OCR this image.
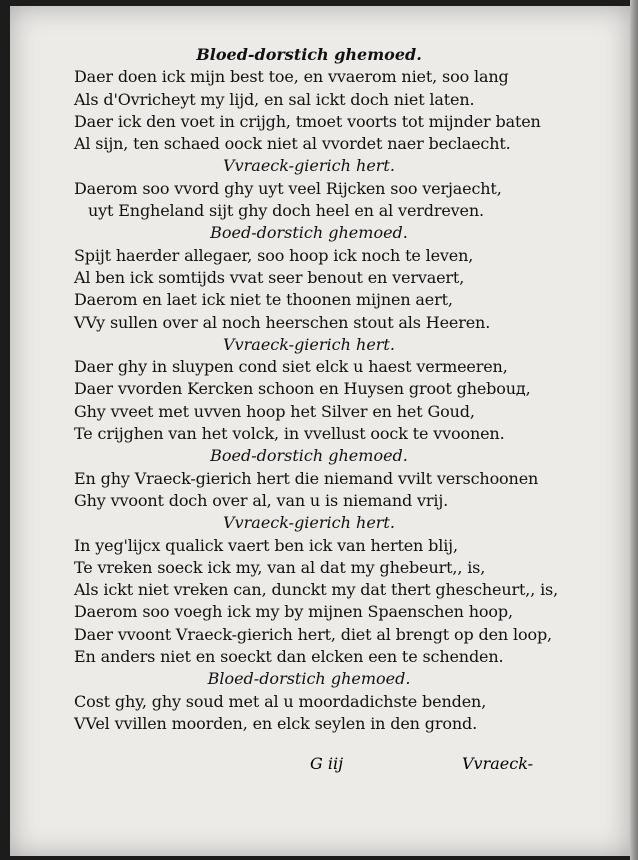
Bloed-dorstich ghemoed.
Daer doen ick mijn best toe, en vvaerom niet, soo lang
Als d'Ovricheyt my lijd, en sal ickt doch niet laten.
Daer ick den voet in crijgh, tmoet voorts tot mijnder baten
Al sijn, ten schaed oock niet al vvordet naer beclaecht.
Vvraeck-gierich hert.
Daerom soo vvord ghy uyt veel Rijcken soo verjaecht,
uyt Engheland sijt ghy doch heel en al verdreven.
Boed-dorstich ghemoed.
Spijt haerder allegaer, soo hoop ick noch te leven,
Al ben ick somtijds vvat seer benout en vervaert,
Daerom en laet ick niet te thoonen mijnen aert,
VVy sullen over al noch heerschen stout als Heeren.
Vvraeck-gierich hert.
Daer ghy in sluypen cond siet elck u haest vermeeren,
Daer vvorden Kercken schoon en Huysen groot ghebouд,
Ghy vveet met uvven hoop het Silver en het Goud,
Te crijghen van het volck, in vvellust oock te vvoonen.
Boed-dorstich ghemoed.
En ghy Vraeck-gierich hert die niemand vvilt verschoonen
Ghy vvoont doch over al, van u is niemand vrij.
Vvraeck-gierich hert.
In yeg'lijcx qualick vaert ben ick van herten blij,
Te vreken soeck ick my, van al dat my ghebeurt,, is,
Als ickt niet vreken can, dunckt my dat thert ghescheurt,, is,
Daerom soo voegh ick my by mijnen Spaenschen hoop,
Daer vvoont Vraeck-gierich hert, diet al brengt op den loop,
En anders niet en soeckt dan elcken een te schenden.
Bloed-dorstich ghemoed.
Cost ghy, ghy soud met al u moordadichste benden,
VVel vvillen moorden, en elck seylen in den grond.
G iij	Vvraeck-
